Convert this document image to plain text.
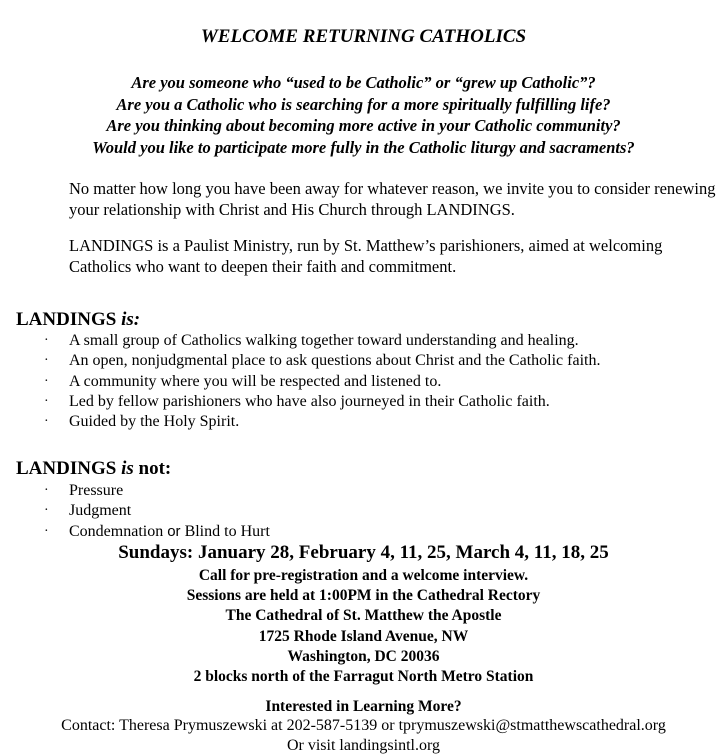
WELCOME RETURNING CATHOLICS
Are you someone who “used to be Catholic” or “grew up Catholic”?
Are you a Catholic who is searching for a more spiritually fulfilling life?
Are you thinking about becoming more active in your Catholic community?
Would you like to participate more fully in the Catholic liturgy and sacraments?
No matter how long you have been away for whatever reason, we invite you to consider renewing your relationship with Christ and His Church through LANDINGS.
LANDINGS is a Paulist Ministry, run by St. Matthew’s parishioners, aimed at welcoming Catholics who want to deepen their faith and commitment.
LANDINGS is:
· A small group of Catholics walking together toward understanding and healing.
· An open, nonjudgmental place to ask questions about Christ and the Catholic faith.
· A community where you will be respected and listened to.
· Led by fellow parishioners who have also journeyed in their Catholic faith.
· Guided by the Holy Spirit.
LANDINGS is not:
· Pressure
· Judgment
· Condemnation or Blind to Hurt
Sundays: January 28, February 4, 11, 25, March 4, 11, 18, 25
Call for pre-registration and a welcome interview.
Sessions are held at 1:00PM in the Cathedral Rectory
The Cathedral of St. Matthew the Apostle
1725 Rhode Island Avenue, NW
Washington, DC 20036
2 blocks north of the Farragut North Metro Station
Interested in Learning More?
Contact: Theresa Prymuszewski at 202-587-5139 or tprymuszewski@stmatthewscathedral.org
Or visit landingsintl.org
